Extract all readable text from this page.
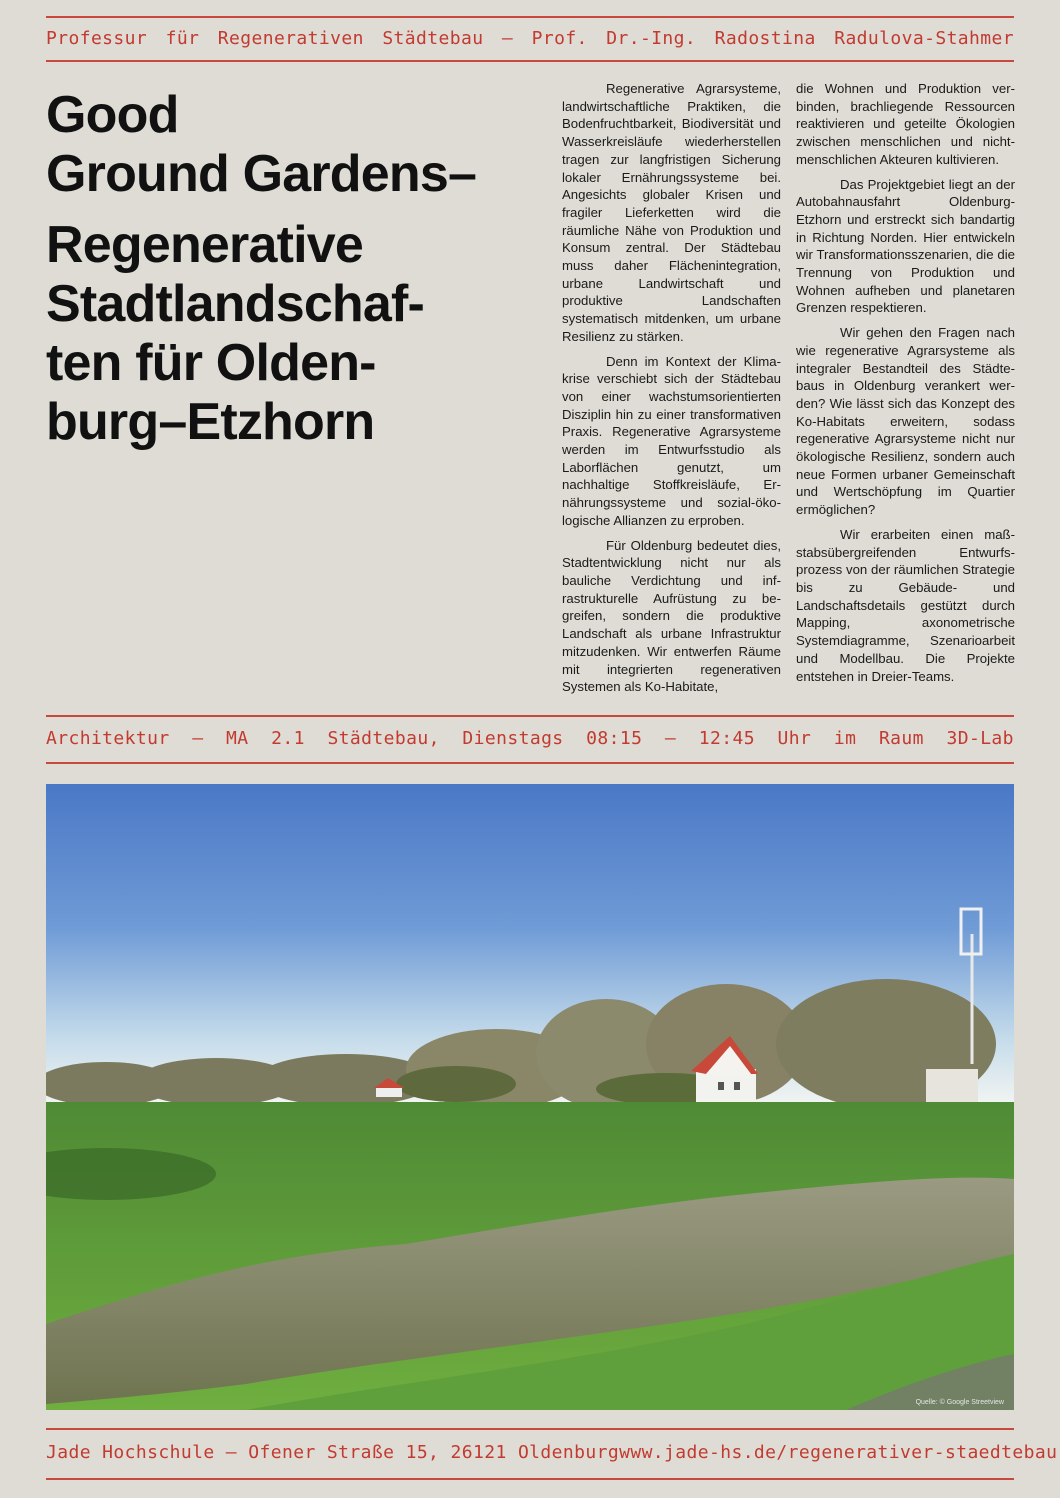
Professur für Regenerativen Städtebau — Prof. Dr.-Ing. Radostina Radulova-Stahmer
Good
Ground Gardens–
Regenerative
Stadtlandschaf-
ten für Olden-
burg–Etzhorn

Regenerative Agrarsysteme, landwirtschaftliche Praktiken, die Bodenfruchtbarkeit, Biodiversität und Wasserkreisläufe wiederherstellen tragen zur langfristigen Sicherung lokaler Ernährungssysteme bei. Angesichts globaler Krisen und fragiler Lieferketten wird die räumliche Nähe von Produktion und Konsum zentral. Der Städtebau muss daher Flächenintegration, urbane Landwirtschaft und produktive Landschaften systematisch mitdenken, um urbane Resilienz zu stärken.

Denn im Kontext der Klimakrise verschiebt sich der Städtebau von einer wachstumsorientierten Disziplin hin zu einer transformativen Praxis. Regenerative Agrarsysteme werden im Entwurfsstudio als Laborflächen genutzt, um nachhaltige Stoffkreisläufe, Ernährungssysteme und sozial-ökologische Allianzen zu erproben.

Für Oldenburg bedeutet dies, Stadtentwicklung nicht nur als bauliche Verdichtung und infrastrukturelle Aufrüstung zu begreifen, sondern die produktive Landschaft als urbane Infrastruktur mitzudenken. Wir entwerfen Räume mit integrierten regenerativen Systemen als Ko-Habitate,

die Wohnen und Produktion verbinden, brachliegende Ressourcen reaktivieren und geteilte Ökologien zwischen menschlichen und nicht-menschlichen Akteuren kultivieren.

Das Projektgebiet liegt an der Autobahnausfahrt Oldenburg-Etzhorn und erstreckt sich bandartig in Richtung Norden. Hier entwickeln wir Transformationsszenarien, die die Trennung von Produktion und Wohnen aufheben und planetaren Grenzen respektieren.

Wir gehen den Fragen nach wie regenerative Agrarsysteme als integraler Bestandteil des Städtebaus in Oldenburg verankert werden? Wie lässt sich das Konzept des Ko-Habitats erweitern, sodass regenerative Agrarsysteme nicht nur ökologische Resilienz, sondern auch neue Formen urbaner Gemeinschaft und Wertschöpfung im Quartier ermöglichen?

Wir erarbeiten einen maßstabsübergreifenden Entwurfsprozess von der räumlichen Strategie bis zu Gebäude- und Landschaftsdetails gestützt durch Mapping, axonometrische Systemdiagramme, Szenarioarbeit und Modellbau. Die Projekte entstehen in Dreier-Teams.

Architektur — MA 2.1 Städtebau, Dienstags 08:15 — 12:45 Uhr im Raum 3D-Lab
Quelle: © Google Streetview
Jade Hochschule — Ofener Straße 15, 26121 Oldenburg www.jade-hs.de/regenerativer-staedtebau
